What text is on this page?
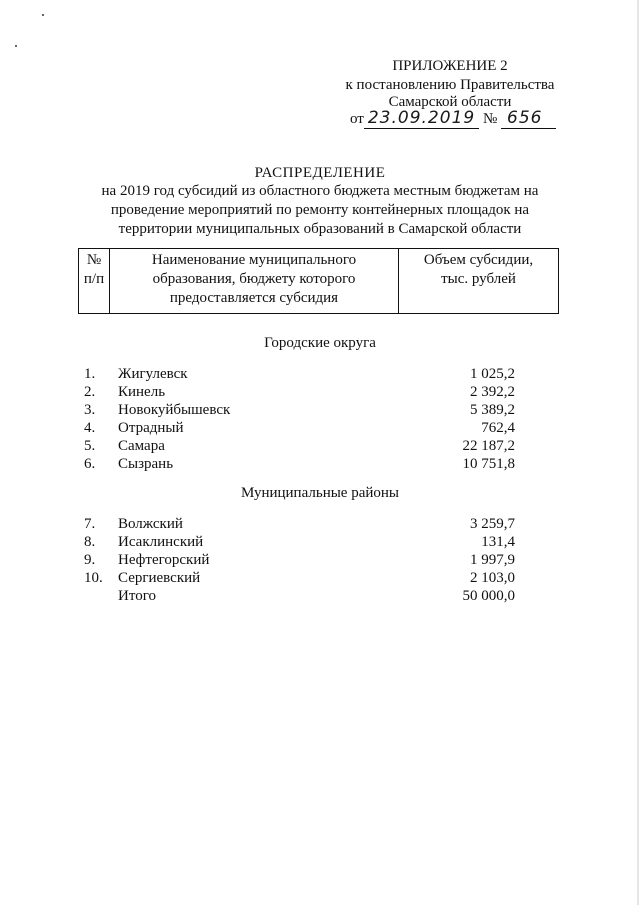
ПРИЛОЖЕНИЕ 2
к постановлению Правительства
Самарской области
от 23.09.2019 № 656
РАСПРЕДЕЛЕНИЕ
на 2019 год субсидий из областного бюджета местным бюджетам на
проведение мероприятий по ремонту контейнерных площадок на
территории муниципальных образований в Самарской области
№
п/п

Наименование муниципального
образования, бюджету которого
предоставляется субсидия

Объем субсидии,
тыс. рублей
Городские округа
1.	Жигулевск	1 025,2
2.	Кинель	2 392,2
3.	Новокуйбышевск	5 389,2
4.	Отрадный	762,4
5.	Самара	22 187,2
6.	Сызрань	10 751,8
Муниципальные районы
7.	Волжский	3 259,7
8.	Исаклинский	131,4
9.	Нефтегорский	1 997,9
10.	Сергиевский	2 103,0
Итого	50 000,0
